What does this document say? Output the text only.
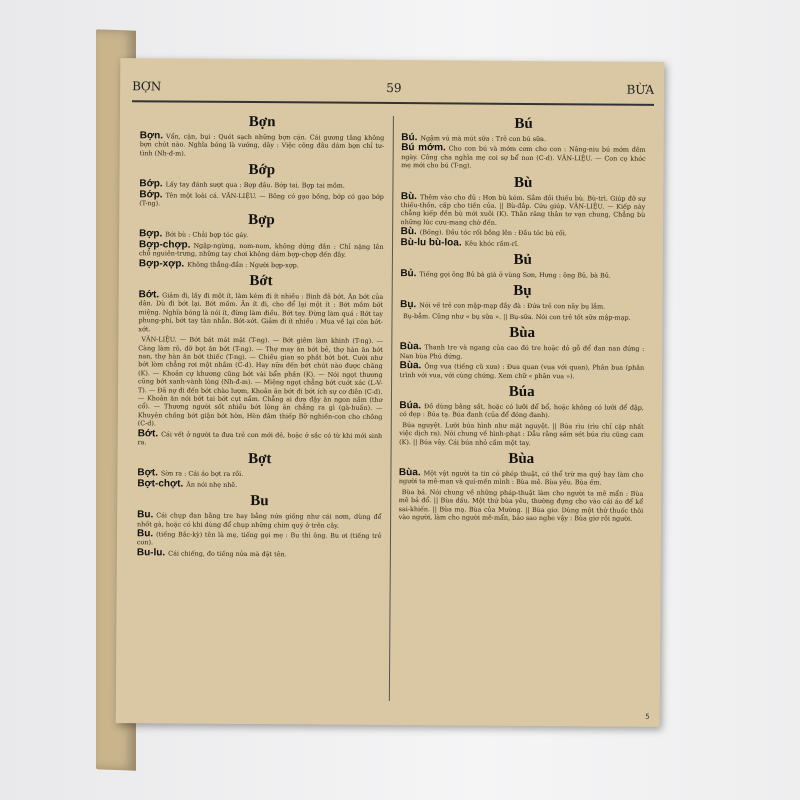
BỢN	59	BỪA
Bợn
Bợn. Vẩn, cặn, bụi : Quét sạch những bợn cặn. Cái gương tâng không bợn chút nào. Nghĩa bóng là vướng, dây : Việc công đâu dám bợn chỉ tư-tình (Nh-đ-m).
Bớp
Bớp. Lấy tay đánh sượt qua : Bợp đầu. Bớp tai. Bợp tai mồm.
Bớp. Tên một loài cá. VĂN-LIỆU. — Bông có gạo bồng, bớp có gạo bớp (T-ng).
Bợp
Bợp. Bới bù : Chải bợp tóc gáy.
Bợp-chợp. Ngập-ngừng, nom-nom, không dứng đắn : Chỉ nặng lên chỗ nguiên-trưng, những tay chơi không dám bợp-chợp đến đây.
Bợp-xợp. Không thẳng-đắn : Người bợp-xợp.
Bớt
Bớt. Giảm đi, lấy đi một ít, làm kém đi ít nhiều : Bình đã bớt. Ăn bớt của dân. Dù đi bớt lại. Bớt mồm. Ăn ít đi, cho để lại một ít : Bớt mồm bớt miệng. Nghĩa bóng là nói ít, đừng làm điều. Bớt tay. Đừng làm quá : Bớt tay phung-phí, bớt tay tàn nhẫn. Bớt-xớt. Giảm đi ít nhiều : Mua về lại còn bớt-xớt.
VĂN-LIỆU. — Bớt bát mát mặt (T-ng). — Bớt giêm làm khinh (T-ng). — Càng làm rõ, đỡ bọt ăn bớt (T-ng). — Thợ may ăn bớt bẻ, thợ hàn ăn bớt nan, thợ hàn ăn bớt thiếc (T-ng). — Chiều gian so phắt bớt bớt. Cười như bớt lòm chẳng rơi một nhắm (C-d). Hay nữa đến bớt chút nào được chăng (K). — Khoản cự khương cũng bớt vài bẩn phần (K). — Nói ngọt thương cũng bớt xanh-vành lòng (Nh-đ-m). — Miệng ngọt chẳng bớt cuớt xác (L-V-T). — Đã nợ đi đến bớt chào lượm, Khoản ăn bớt đi bớt ích sự cơ điên (C-d). — Khoản ăn nói bớt tai bớt cụt nắm. Chẳng ai đưa đậy ăn ngon nắm (thơ cổ). — Thương người sốt nhiều bớt lòng ăn chẳng ra gì (gà-huấn). — Khuyên chồng bớt giận bớt hờn, Hèn đâm thiếp Bỡ nghiền-con cho chồng (C-d).
Bớt. Cái vết ở người ta đưa trẻ con mới đẻ, hoặc ở sắc có từ khi mới sinh ra.
Bợt
Bợt. Sờn ra : Cái áo bợt ra rồi.
Bợt-chợt. Ăn nói nhẹ nhẽ.
Bu
Bu. Cái chụp đan bằng tre hay bằng nứa giống như cái nơm, dùng để nhốt gà, hoặc có khi dùng để chụp những chim quý ở trên cây.
Bu. (tiếng Bắc-kỳ) tên là mẹ, tiếng gọi mẹ : Bu thì ông. Bu ơi (tiếng trẻ con).
Bu-lu. Cái chiếng, đo tiếng nửa mà đặt tên.
Bú
Bú. Ngậm vú mà mút sữa : Trẻ con bú sữa.
Bú mớm. Cho con bú và mớm cơm cho con : Nâng-niu bú mớm đêm ngày. Công cha nghĩa mẹ coi sợ bể non (C-d). VĂN-LIỆU. — Con cọ khóc mẹ mới cho bú (T-ng).
Bù
Bù. Thêm vào cho đủ : Hơn bù kém. Sắm đồi thiếu bù. Bù-trì. Giúp đỡ sự thiếu-thốn, cấp cho tiền của. || Bù-đắp. Cứu giúp. VĂN-LIỆU. — Kiếp này chẳng kiếp đền bù mới xuôi (K). Thân răng thân tơ vạn chung, Chẳng bù những lúc cưu-mang chờ đến.
Bù. (Bống). Đầu tóc rối bồng lên : Đầu tóc bù rối.
Bù-lu bù-loa. Kêu khóc rầm-rĩ.
Bủ
Bủ. Tiếng gọi ông Bủ bà già ở vùng Sơn, Hưng : ông Bủ, bà Bủ.
Bụ
Bụ. Nói về trẻ con mập-mạp đầy đà : Đứa trẻ con nây bụ lắm.
Bụ-bẫm. Cũng như « bụ sữa ». || Bụ-sữa. Nói con trẻ tốt sữa mập-mạp.
Bùa
Bùa. Thanh tre và ngang của cao đó tre hoặc đỏ gỗ để đan nan đứng : Nan bùa Phú đứng.
Bùa. Ông vua (tiếng cũ xưa) : Đua quan (vua với quan), Phân bua (phân trình với vua, với cùng chứng. Xem chữ « phân vua »).
Búa
Búa. Đồ dùng bằng sắt, hoặc có lưỡi để bổ, hoặc không có lưỡi để đập, có đẹp : Búa tạ. Búa đanh (của để đóng đanh).
Búa nguyệt. Lưỡi búa hình như mặt nguyệt. || Búa rìu (rìu chỉ cặp nhất việc dịch ra). Nói chung về hình-phạt : Dẫu rằng sấm sét búa rìu cũng cam (K). || Búa vây. Cái búa nhỏ cầm một tay.
Bùa
Bùa. Một vật người ta tin có phép thuật, có thể trừ ma quỷ hay làm cho người ta mê-man và quí-mến mình : Bùa mê. Bùa yêu. Bùa ếm.
Bùa bả. Nói chung về những pháp-thuật làm cho người ta mê mẩn : Bùa mê bả đổ. || Bùa dấu. Một thứ bùa yêu, thường đựng cho vào cái áo để kể sai-khiến. || Bùa mạ. Bùa của Mường. || Bùa giơ. Dùng một thứ thuốc thôi vào người, làm cho người mê-mẩn, bảo sao nghe vậy : Bùa giơ rồi người.
5
